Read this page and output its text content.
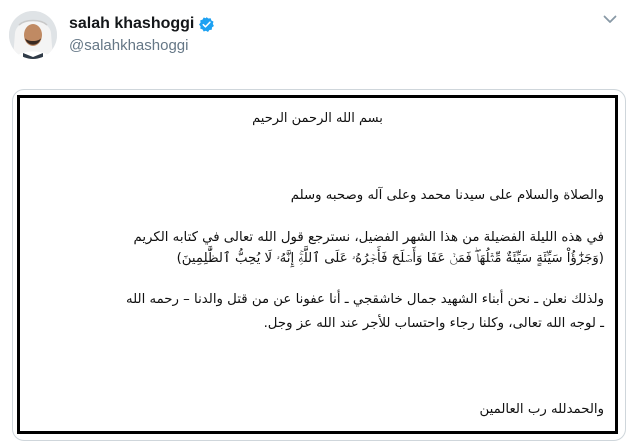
salah khashoggi
@salahkhashoggi
بسم الله الرحمن الرحيم
والصلاة والسلام على سيدنا محمد وعلى آله وصحبه وسلم
في هذه الليلة الفضيلة من هذا الشهر الفضيل، نسترجع قول الله تعالى في كتابه الكريم
(وَجَزَٰٓؤُاْ سَيِّئَةٍ سَيِّئَةٌ مِّثۡلُهَاۖ فَمَنۡ عَفَا وَأَصۡلَحَ فَأَجۡرُهُۥ عَلَى ٱللَّهِۚ إِنَّهُۥ لَا يُحِبُّ ٱلظَّٰلِمِينَ)
ولذلك نعلن ـ نحن أبناء الشهيد جمال خاشقجي ـ أنا عفونا عن من قتل والدنا – رحمه الله
ـ لوجه الله تعالى، وكلنا رجاء واحتساب للأجر عند الله عز وجل.
والحمدلله رب العالمين
